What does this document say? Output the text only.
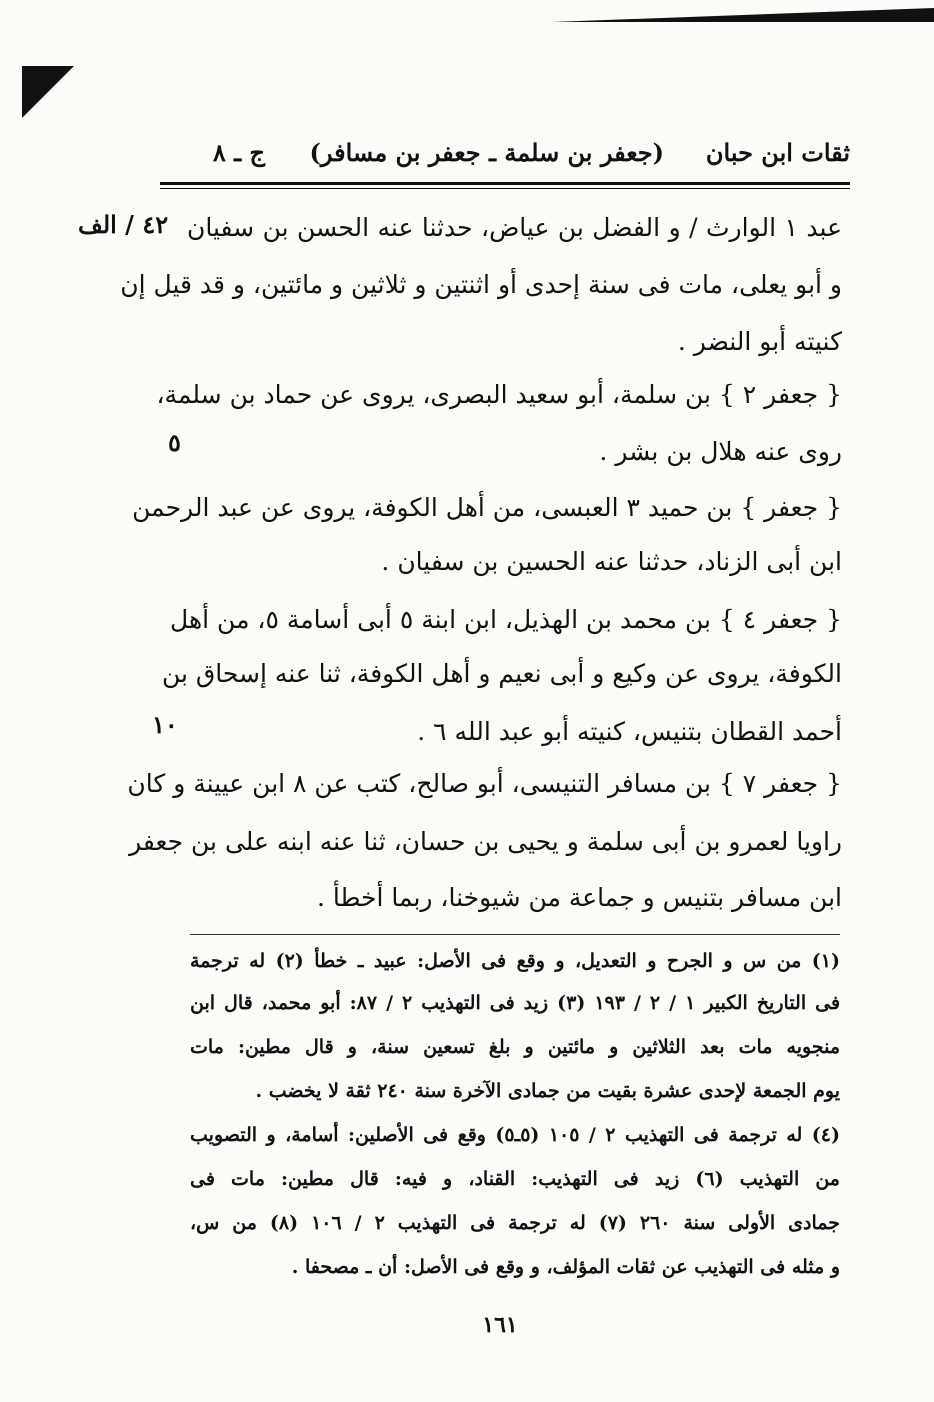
ثقات ابن حبان
(جعفر بن سلمة ـ جعفر بن مسافر)
ج ـ ٨
٤٢ / الف
٥
١٠
عبد ١ الوارث / و الفضل بن عياض، حدثنا عنه الحسن بن سفيان
و أبو يعلى، مات فى سنة إحدى أو اثنتين و ثلاثين و مائتين، و قد قيل إن
كنيته أبو النضر .
{ جعفر ٢ } بن سلمة، أبو سعيد البصرى، يروى عن حماد بن سلمة،
روى عنه هلال بن بشر .
{ جعفر } بن حميد ٣ العبسى، من أهل الكوفة، يروى عن عبد الرحمن
ابن أبى الزناد، حدثنا عنه الحسين بن سفيان .
{ جعفر ٤ } بن محمد بن الهذيل، ابن ابنة ٥ أبى أسامة ٥، من أهل
الكوفة، يروى عن وكيع و أبى نعيم و أهل الكوفة، ثنا عنه إسحاق بن
أحمد القطان بتنيس، كنيته أبو عبد الله ٦ .
{ جعفر ٧ } بن مسافر التنيسى، أبو صالح، كتب عن ٨ ابن عيينة و كان
راويا لعمرو بن أبى سلمة و يحيى بن حسان، ثنا عنه ابنه على بن جعفر
ابن مسافر بتنيس و جماعة من شيوخنا، ربما أخطأ .
(١) من س و الجرح و التعديل، و وقع فى الأصل: عبيد ـ خطأ (٢) له ترجمة
فى التاريخ الكبير ١ / ٢ / ١٩٣ (٣) زيد فى التهذيب ٢ / ٨٧: أبو محمد، قال ابن
منجويه مات بعد الثلاثين و مائتين و بلغ تسعين سنة، و قال مطين: مات
يوم الجمعة لإحدى عشرة بقيت من جمادى الآخرة سنة ٢٤٠ ثقة لا يخضب .
(٤) له ترجمة فى التهذيب ٢ / ١٠٥ (٥ـ٥) وقع فى الأصلين: أسامة، و التصويب
من التهذيب (٦) زيد فى التهذيب: القناد، و فيه: قال مطين: مات فى
جمادى الأولى سنة ٢٦٠ (٧) له ترجمة فى التهذيب ٢ / ١٠٦ (٨) من س،
و مثله فى التهذيب عن ثقات المؤلف، و وقع فى الأصل: أن ـ مصحفا .
١٦١
